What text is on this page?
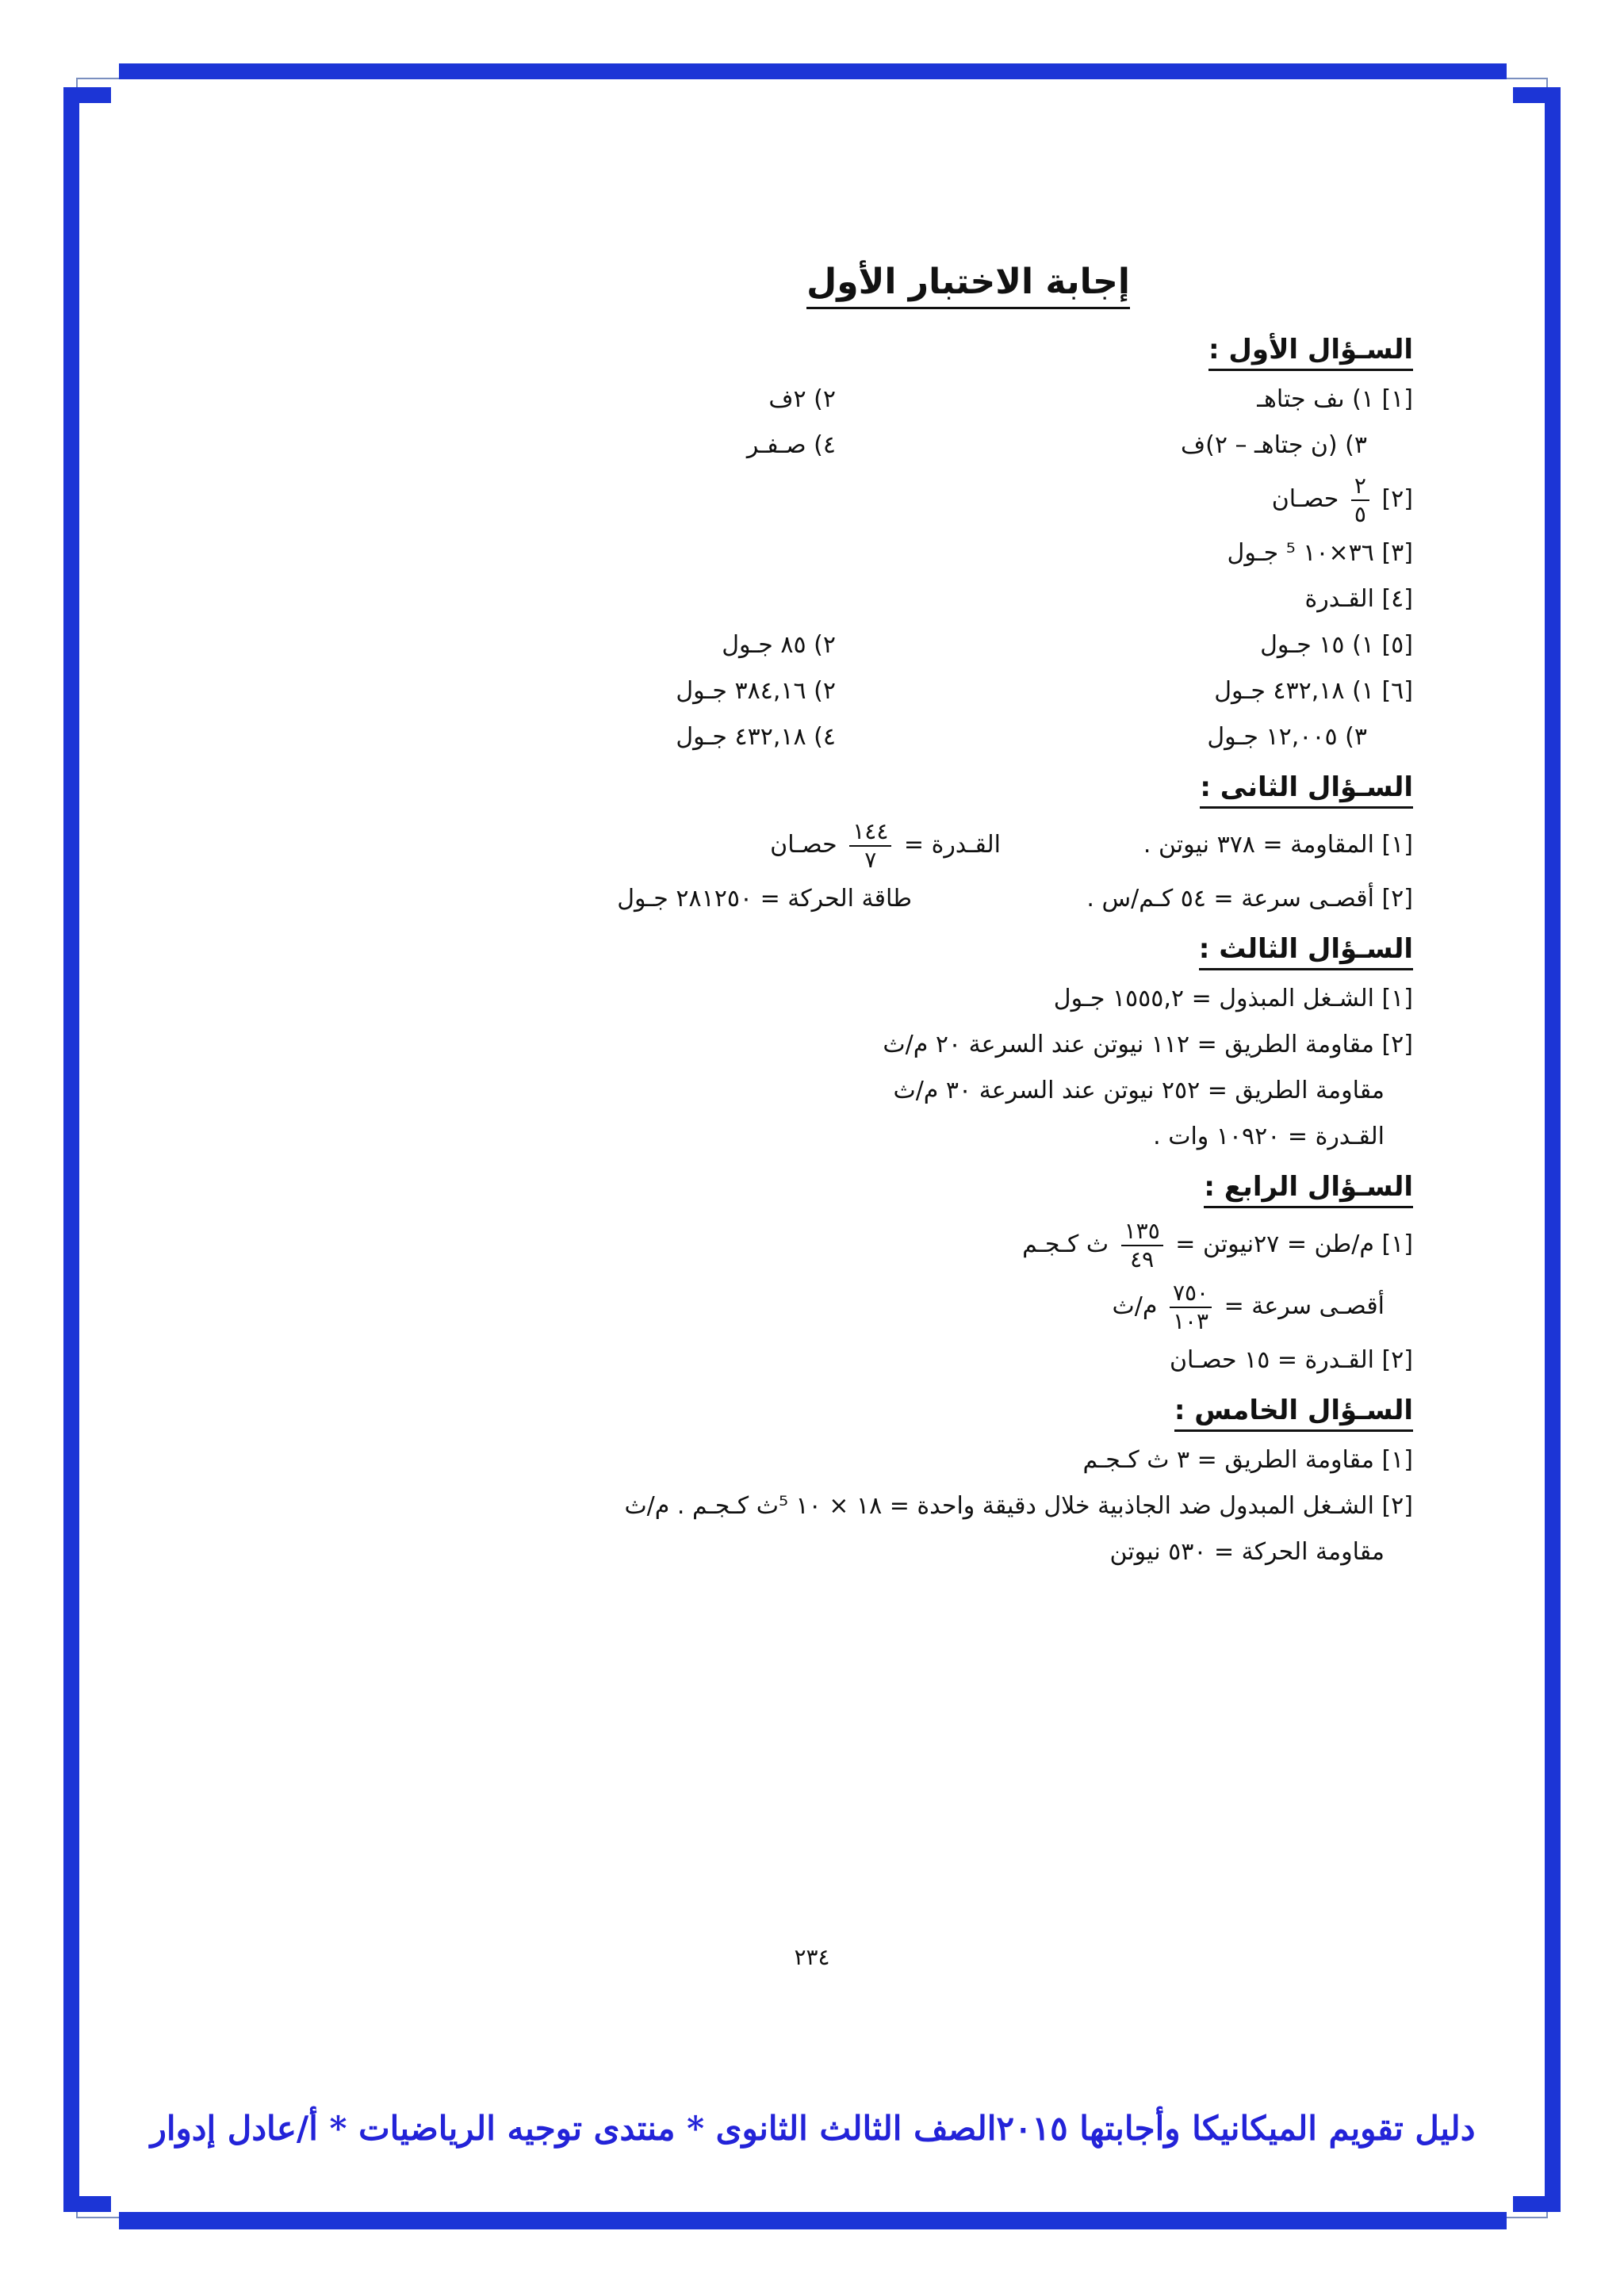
إجابة الاختبار الأول
السـؤال الأول :
[١] ١) ىف جتاهـ
٢) ٢ف
٣) (ن جتاهـ – ٢)ف
٤) صـفـر
[٢]
$\frac{٢}{٥}$
حصـان
[٣] ٣٦×١٠ ⁵ جـول
[٤] القـدرة
[٥] ١) ١٥ جـول
٢) ٨٥ جـول
[٦] ١) ٤٣٢,١٨ جـول
٢) ٣٨٤,١٦ جـول
٣) ١٢,٠٠٥ جـول
٤) ٤٣٢,١٨ جـول
السـؤال الثانى :
[١] المقاومة = ٣٧٨ نيوتن .
القـدرة =
$\frac{١٤٤}{٧}$
حصـان
[٢] أقصـى سرعة = ٥٤ كـم/س .
طاقة الحركة = ٢٨١٢٥٠ جـول
السـؤال الثالث :
[١] الشـغل المبذول = ١٥٥٥,٢ جـول
[٢] مقاومة الطريق = ١١٢ نيوتن عند السرعة ٢٠ م/ث
مقاومة الطريق = ٢٥٢ نيوتن عند السرعة ٣٠ م/ث
القـدرة = ١٠٩٢٠ وات .
السـؤال الرابع :
[١] م/طن = ٢٧نيوتن =
$\frac{١٣٥}{٤٩}$
ث كـجـم
أقصـى سرعة =
$\frac{٧٥٠}{١٠٣}$
م/ث
[٢] القـدرة = ١٥ حصـان
السـؤال الخامس :
[١] مقاومة الطريق = ٣ ث كـجـم
[٢] الشـغل المبدول ضد الجاذبية خلال دقيقة واحدة = ١٨ × ١٠ ⁵ث كـجـم . م/ث
مقاومة الحركة = ٥٣٠ نيوتن
٢٣٤
دليل تقويم الميكانيكا وأجابتها ٢٠١٥الصف الثالث الثانوى * منتدى توجيه الرياضيات * أ/عادل إدوار
